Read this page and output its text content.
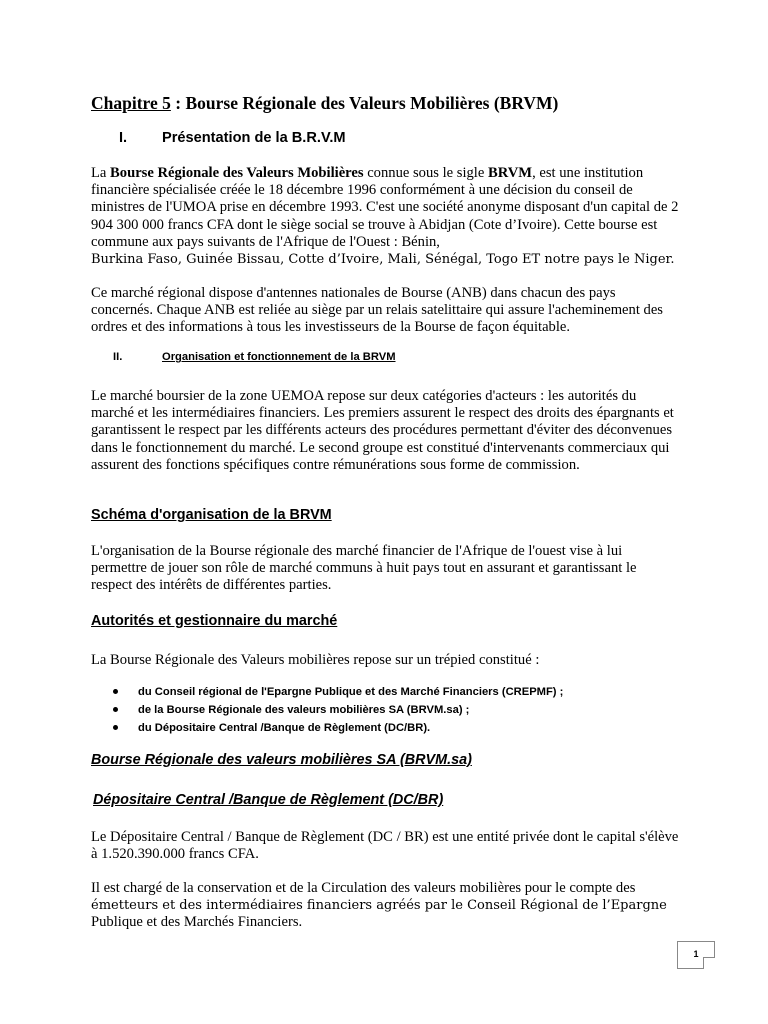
Chapitre 5 : Bourse Régionale des Valeurs Mobilières (BRVM)
I. Présentation de la B.R.V.M
La Bourse Régionale des Valeurs Mobilières connue sous le sigle BRVM, est une institution financière spécialisée créée le 18 décembre 1996 conformément à une décision du conseil de ministres de l'UMOA prise en décembre 1993. C'est une société anonyme disposant d'un capital de 2 904 300 000 francs CFA dont le siège social se trouve à Abidjan (Cote d’Ivoire). Cette bourse est commune aux pays suivants de l'Afrique de l'Ouest : Bénin,
Burkina Faso, Guinée Bissau, Cotte d’Ivoire, Mali, Sénégal, Togo ET notre pays le Niger.
Ce marché régional dispose d'antennes nationales de Bourse (ANB) dans chacun des pays concernés. Chaque ANB est reliée au siège par un relais satelittaire qui assure l'acheminement des ordres et des informations à tous les investisseurs de la Bourse de façon équitable.
II.	Organisation et fonctionnement de la BRVM
Le marché boursier de la zone UEMOA repose sur deux catégories d'acteurs : les autorités du marché et les intermédiaires financiers. Les premiers assurent le respect des droits des épargnants et garantissent le respect par les différents acteurs des procédures permettant d'éviter des déconvenues dans le fonctionnement du marché. Le second groupe est constitué d'intervenants commerciaux qui assurent des fonctions spécifiques contre rémunérations sous forme de commission.
Schéma d'organisation de la BRVM
L'organisation de la Bourse régionale des marché financier de l'Afrique de l'ouest vise à lui permettre de jouer son rôle de marché communs à huit pays tout en assurant et garantissant le respect des intérêts de différentes parties.
Autorités et gestionnaire du marché
La Bourse Régionale des Valeurs mobilières repose sur un trépied constitué :
du Conseil régional de l'Epargne Publique et des Marché Financiers (CREPMF) ;
de la Bourse Régionale des valeurs mobilières SA (BRVM.sa) ;
du Dépositaire Central /Banque de Règlement (DC/BR).
Bourse Régionale des valeurs mobilières SA (BRVM.sa)
Dépositaire Central /Banque de Règlement (DC/BR)
Le Dépositaire Central / Banque de Règlement (DC / BR) est une entité privée dont le capital s'élève à 1.520.390.000 francs CFA.
Il est chargé de la conservation et de la Circulation des valeurs mobilières pour le compte des
émetteurs et des intermédiaires financiers agréés par le Conseil Régional de l’Epargne
Publique et des Marchés Financiers.
1
